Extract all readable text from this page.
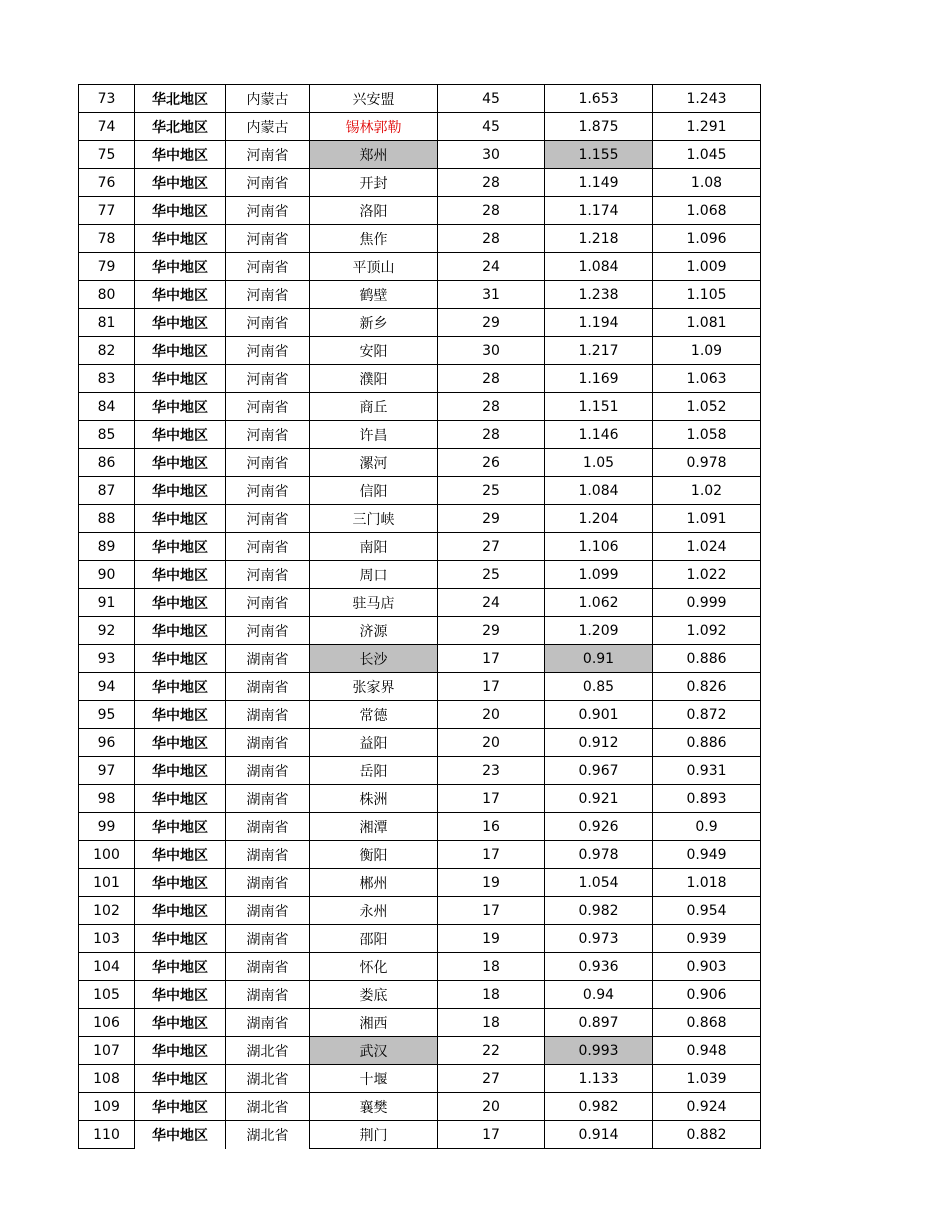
73	华北地区	内蒙古	兴安盟	45	1.653	1.243
74	华北地区	内蒙古	锡林郭勒	45	1.875	1.291
75	华中地区	河南省	郑州	30	1.155	1.045
76	华中地区	河南省	开封	28	1.149	1.08
77	华中地区	河南省	洛阳	28	1.174	1.068
78	华中地区	河南省	焦作	28	1.218	1.096
79	华中地区	河南省	平顶山	24	1.084	1.009
80	华中地区	河南省	鹤壁	31	1.238	1.105
81	华中地区	河南省	新乡	29	1.194	1.081
82	华中地区	河南省	安阳	30	1.217	1.09
83	华中地区	河南省	濮阳	28	1.169	1.063
84	华中地区	河南省	商丘	28	1.151	1.052
85	华中地区	河南省	许昌	28	1.146	1.058
86	华中地区	河南省	漯河	26	1.05	0.978
87	华中地区	河南省	信阳	25	1.084	1.02
88	华中地区	河南省	三门峡	29	1.204	1.091
89	华中地区	河南省	南阳	27	1.106	1.024
90	华中地区	河南省	周口	25	1.099	1.022
91	华中地区	河南省	驻马店	24	1.062	0.999
92	华中地区	河南省	济源	29	1.209	1.092
93	华中地区	湖南省	长沙	17	0.91	0.886
94	华中地区	湖南省	张家界	17	0.85	0.826
95	华中地区	湖南省	常德	20	0.901	0.872
96	华中地区	湖南省	益阳	20	0.912	0.886
97	华中地区	湖南省	岳阳	23	0.967	0.931
98	华中地区	湖南省	株洲	17	0.921	0.893
99	华中地区	湖南省	湘潭	16	0.926	0.9
100	华中地区	湖南省	衡阳	17	0.978	0.949
101	华中地区	湖南省	郴州	19	1.054	1.018
102	华中地区	湖南省	永州	17	0.982	0.954
103	华中地区	湖南省	邵阳	19	0.973	0.939
104	华中地区	湖南省	怀化	18	0.936	0.903
105	华中地区	湖南省	娄底	18	0.94	0.906
106	华中地区	湖南省	湘西	18	0.897	0.868
107	华中地区	湖北省	武汉	22	0.993	0.948
108	华中地区	湖北省	十堰	27	1.133	1.039
109	华中地区	湖北省	襄樊	20	0.982	0.924
110	华中地区	湖北省	荆门	17	0.914	0.882
